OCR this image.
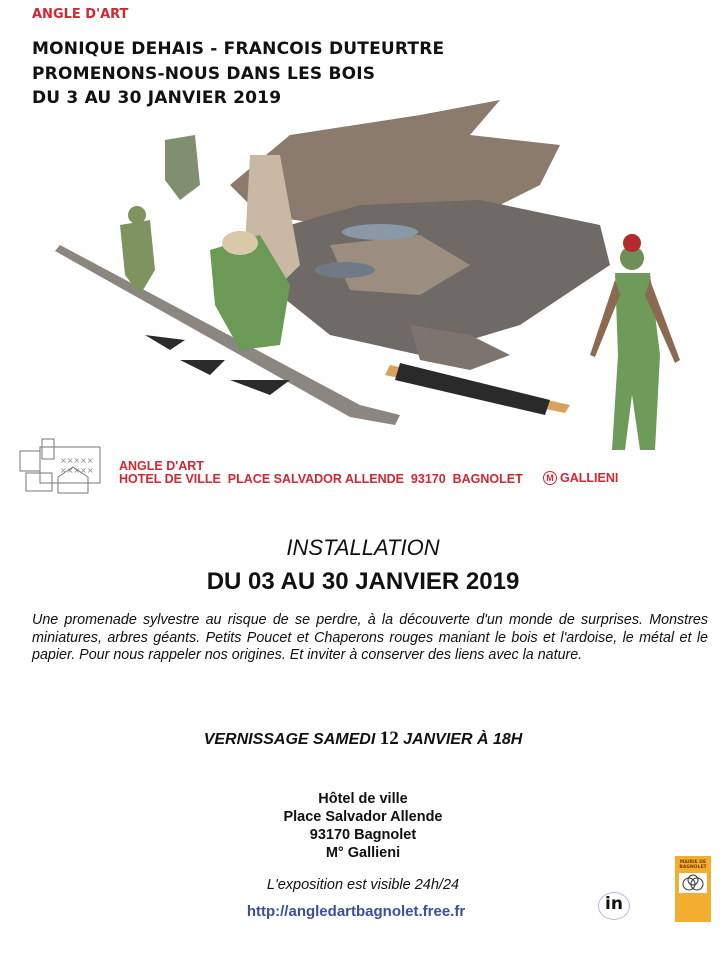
ANGLE D'ART
MONIQUE DEHAIS - FRANCOIS DUTEURTRE
PROMENONS-NOUS DANS LES BOIS
DU 3 AU 30 JANVIER 2019
×××××
××××× ANGLE D'ART
HOTEL DE VILLE  PLACE SALVADOR ALLENDE  93170  BAGNOLET	M GALLIENI
INSTALLATION
DU 03 AU 30 JANVIER 2019
Une promenade sylvestre au risque de se perdre, à la découverte d'un monde de surprises. Monstres miniatures, arbres géants. Petits Poucet et Chaperons rouges maniant le bois et l'ardoise, le métal et le papier. Pour nous rappeler nos origines. Et inviter à conserver des liens avec la nature.
VERNISSAGE SAMEDI 12 JANVIER À 18H
Hôtel de ville
Place Salvador Allende
93170 Bagnolet
M° Gallieni
L'exposition est visible 24h/24
http://angledartbagnolet.free.fr	in
MAIRIE DE BAGNOLET
